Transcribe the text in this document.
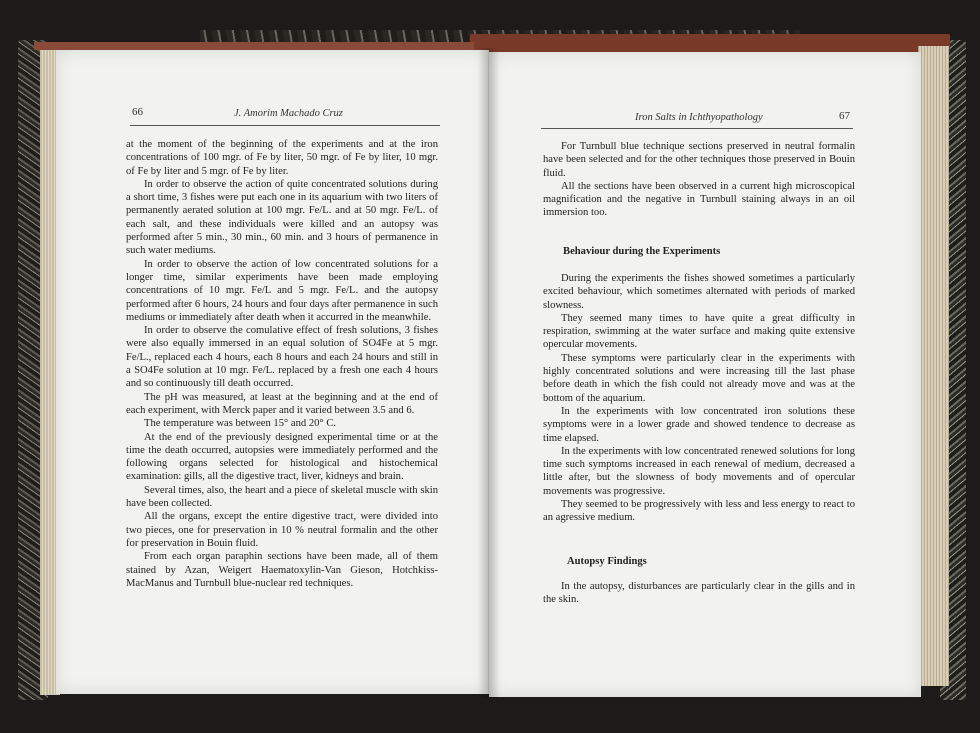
66	J. Amorim Machado Cruz

at the moment of the beginning of the experiments and at the iron concentrations of 100 mgr. of Fe by liter, 50 mgr. of Fe by liter, 10 mgr. of Fe by liter and 5 mgr. of Fe by liter.

In order to observe the action of quite concentrated solutions during a short time, 3 fishes were put each one in its aquarium with two liters of permanently aerated solution at 100 mgr. Fe/L. and at 50 mgr. Fe/L. of each salt, and these individuals were killed and an autopsy was performed after 5 min., 30 min., 60 min. and 3 hours of permanence in such water mediums.

In order to observe the action of low concentrated solutions for a longer time, similar experiments have been made employing concentrations of 10 mgr. Fe/L and 5 mgr. Fe/L. and the autopsy performed after 6 hours, 24 hours and four days after permanence in such mediums or immediately after death when it accurred in the meanwhile.

In order to observe the comulative effect of fresh solutions, 3 fishes were also equally immersed in an equal solution of SO4Fe at 5 mgr. Fe/L., replaced each 4 hours, each 8 hours and each 24 hours and still in a SO4Fe solution at 10 mgr. Fe/L. replaced by a fresh one each 4 hours and so continuously till death occurred.

The pH was measured, at least at the beginning and at the end of each experiment, with Merck paper and it varied between 3.5 and 6.

The temperature was between 15° and 20° C.

At the end of the previously designed experimental time or at the time the death occurred, autopsies were immediately performed and the following organs selected for histological and histochemical examination: gills, all the digestive tract, liver, kidneys and brain.

Several times, also, the heart and a piece of skeletal muscle with skin have been collected.

All the organs, except the entire digestive tract, were divided into two pieces, one for preservation in 10 % neutral formalin and the other for preservation in Bouin fluid.

From each organ paraphin sections have been made, all of them stained by Azan, Weigert Haematoxylin-Van Gieson, Hotchkiss-MacManus and Turnbull blue-nuclear red techniques.

Iron Salts in Ichthyopathology	67

For Turnbull blue technique sections preserved in neutral formalin have been selected and for the other techniques those preserved in Bouin fluid.

All the sections have been observed in a current high microscopical magnification and the negative in Turnbull staining always in an oil immersion too.

Behaviour during the Experiments

During the experiments the fishes showed sometimes a particularly excited behaviour, which sometimes alternated with periods of marked slowness.

They seemed many times to have quite a great difficulty in respiration, swimming at the water surface and making quite extensive opercular movements.

These symptoms were particularly clear in the experiments with highly concentrated solutions and were increasing till the last phase before death in which the fish could not already move and was at the bottom of the aquarium.

In the experiments with low concentrated iron solutions these symptoms were in a lower grade and showed tendence to decrease as time elapsed.

In the experiments with low concentrated renewed solutions for long time such symptoms increased in each renewal of medium, decreased a little after, but the slowness of body movements and of opercular movements was progressive.

They seemed to be progressively with less and less energy to react to an agressive medium.

Autopsy Findings

In the autopsy, disturbances are particularly clear in the gills and in the skin.
